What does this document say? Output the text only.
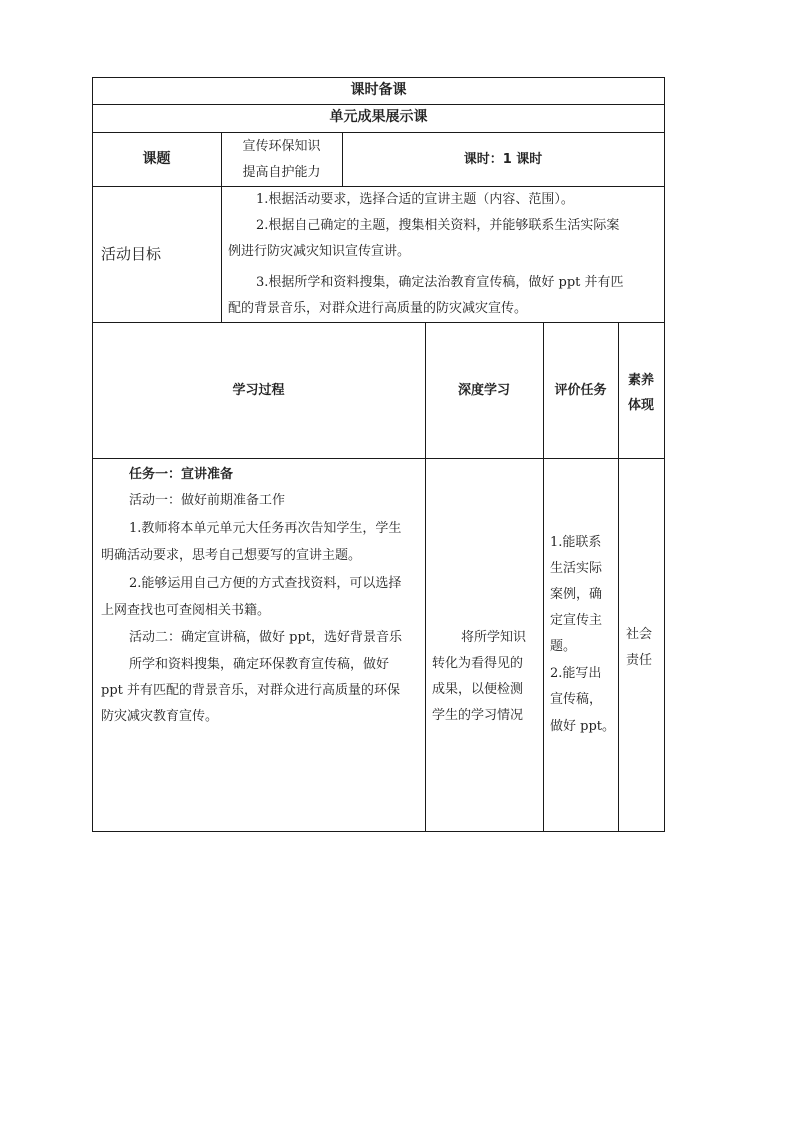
课时备课
单元成果展示课
课题
宣传环保知识
提高自护能力
课时：1 课时
活动目标
1.根据活动要求，选择合适的宣讲主题（内容、范围）。
2.根据自己确定的主题，搜集相关资料，并能够联系生活实际案
例进行防灾减灾知识宣传宣讲。
3.根据所学和资料搜集，确定法治教育宣传稿，做好 ppt 并有匹
配的背景音乐，对群众进行高质量的防灾减灾宣传。
学习过程	深度学习	评价任务
素养
体现
任务一：宣讲准备
活动一：做好前期准备工作
1.教师将本单元单元大任务再次告知学生，学生
明确活动要求，思考自己想要写的宣讲主题。
2.能够运用自己方便的方式查找资料，可以选择
上网查找也可查阅相关书籍。
活动二：确定宣讲稿，做好 ppt，选好背景音乐
所学和资料搜集，确定环保教育宣传稿，做好
ppt 并有匹配的背景音乐，对群众进行高质量的环保
防灾减灾教育宣传。
将所学知识
转化为看得见的
成果，以便检测
学生的学习情况
1.能联系
生活实际
案例，确
定宣传主
题。
2.能写出
宣传稿，
做好 ppt。
社会
责任
